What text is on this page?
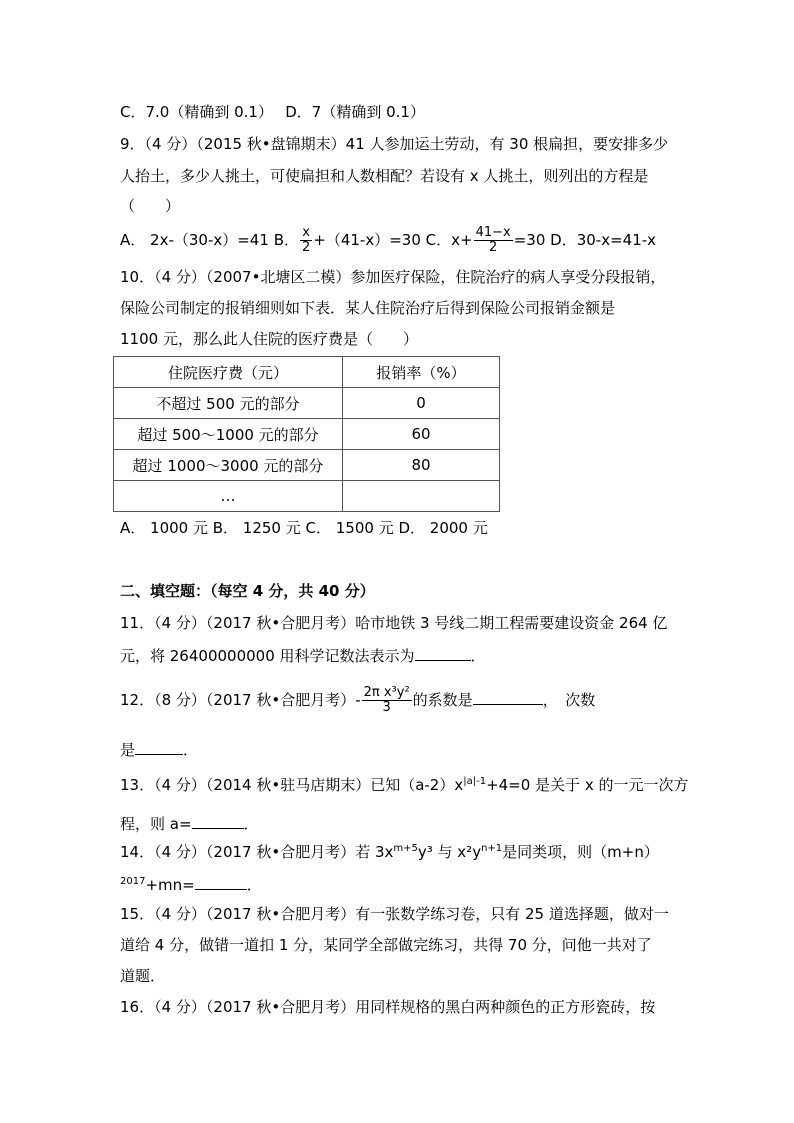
C．7.0（精确到 0.1）　 D．7（精确到 0.1）
9．（4 分）（2015 秋•盘锦期末）41 人参加运土劳动，有 30 根扁担，要安排多少
人抬土，多少人挑土，可使扁担和人数相配？若设有 x 人挑土，则列出的方程是
（　　）
A． 2x-（30-x）=41 B． $\frac{x}{2} +(41-x)=30$ C．$x+ \frac{41-x}{2} =30$ D．30-x=41-x
10．（4 分）（2007•北塘区二模）参加医疗保险，住院治疗的病人享受分段报销，
保险公司制定的报销细则如下表．某人住院治疗后得到保险公司报销金额是
1100 元，那么此人住院的医疗费是（　　）
住院医疗费（元）	报销率（%）
不超过 500 元的部分	0
超过 500～1000 元的部分	60
超过 1000～3000 元的部分	80
…	
A． 1000 元 B． 1250 元 C． 1500 元 D． 2000 元
二、填空题：（每空 4 分，共 40 分）
11．（4 分）（2017 秋•合肥月考）哈市地铁 3 号线二期工程需要建设资金 264 亿
元，将 26400000000 用科学记数法表示为	．
12．（8 分）（2017 秋•合肥月考）- $\frac{\text{2π x³y²}}{3}$ 的系数是	，　次数
是	．
13．（4 分）（2014 秋•驻马店期末）已知$(a-2)x^{|a|-1}+4=0$ 是关于 x 的一元一次方
程，则 a=	．
14．（4 分）（2017 秋•合肥月考）若 $3x^{m+5}y^3$ 与 $x^2y^{n+1}$是同类项，则（m+n）
$^{2017}$+mn=	．
15．（4 分）（2017 秋•合肥月考）有一张数学练习卷，只有 25 道选择题，做对一
道给 4 分，做错一道扣 1 分，某同学全部做完练习，共得 70 分，问他一共对了
道题．
16．（4 分）（2017 秋•合肥月考）用同样规格的黑白两种颜色的正方形瓷砖，按
